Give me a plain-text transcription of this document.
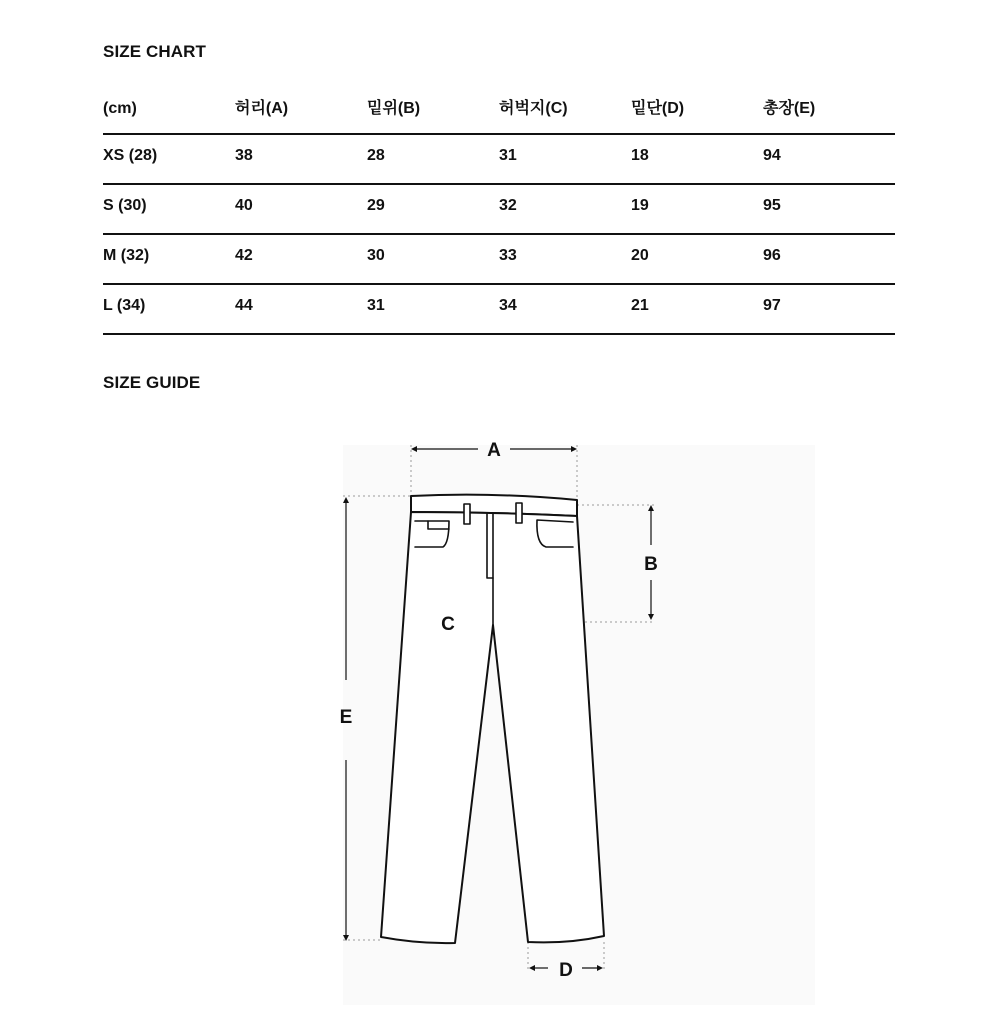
SIZE CHART
(cm)	허리(A)	밑위(B)	허벅지(C)	밑단(D)	총장(E)
XS (28)	38	28	31	18	94
S (30)	40	29	32	19	95
M (32)	42	30	33	20	96
L (34)	44	31	34	21	97
SIZE GUIDE
A
B
C
D
E
